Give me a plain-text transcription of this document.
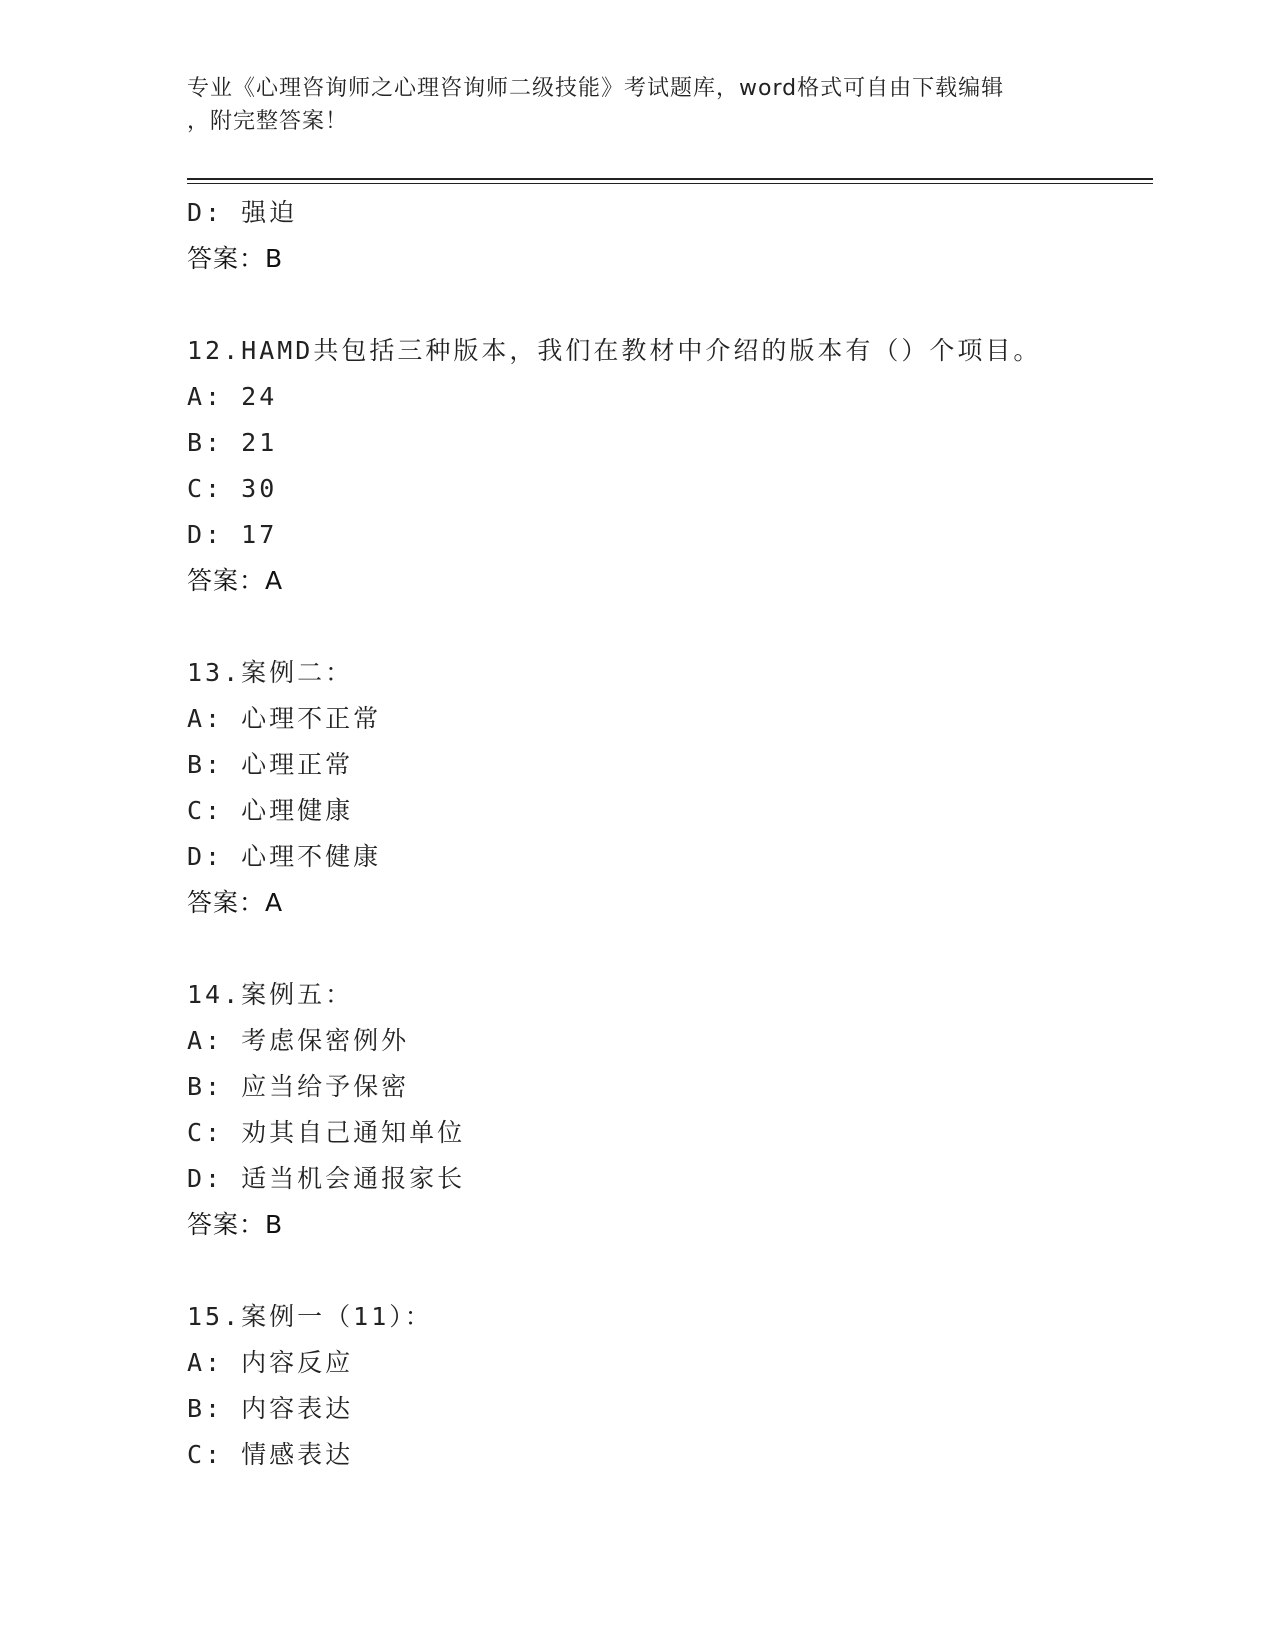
专业《心理咨询师之心理咨询师二级技能》考试题库，word格式可自由下载编辑
，附完整答案！
D: 强迫
答案：B
12.HAMD共包括三种版本，我们在教材中介绍的版本有（）个项目。
A: 24
B: 21
C: 30
D: 17
答案：A
13.案例二：
A: 心理不正常
B: 心理正常
C: 心理健康
D: 心理不健康
答案：A
14.案例五：
A: 考虑保密例外
B: 应当给予保密
C: 劝其自己通知单位
D: 适当机会通报家长
答案：B
15.案例一（11）：
A: 内容反应
B: 内容表达
C: 情感表达
